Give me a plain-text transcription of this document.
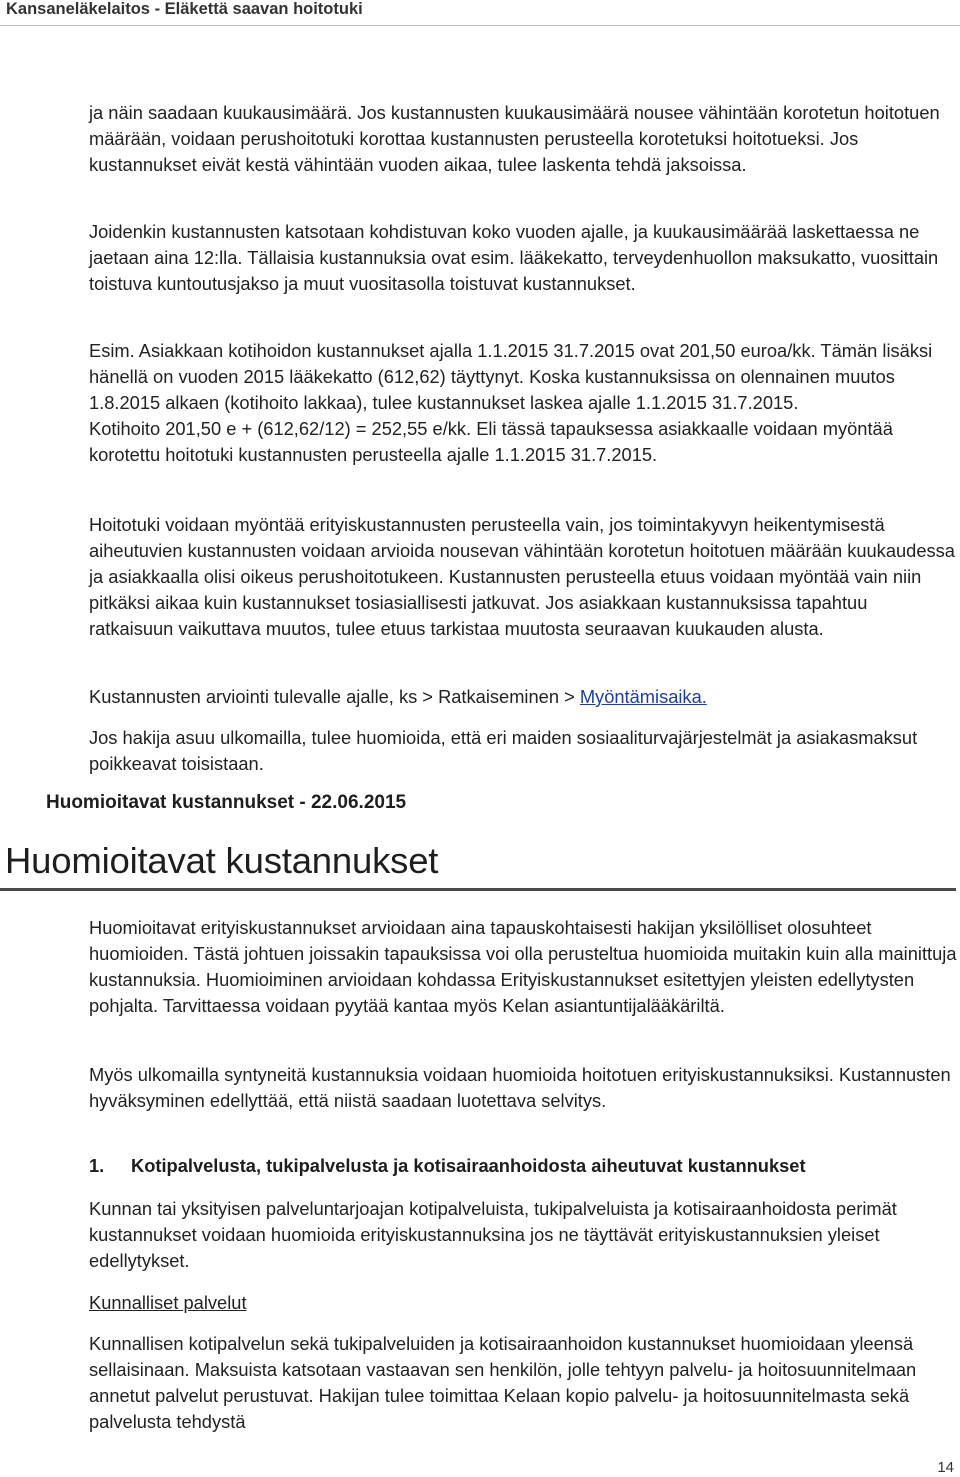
Kansaneläkelaitos - Eläkettä saavan hoitotuki

ja näin saadaan kuukausimäärä. Jos kustannusten kuukausimäärä nousee vähintään korotetun hoitotuen määrään, voidaan perushoitotuki korottaa kustannusten perusteella korotetuksi hoitotueksi. Jos kustannukset eivät kestä vähintään vuoden aikaa, tulee laskenta tehdä jaksoissa.

Joidenkin kustannusten katsotaan kohdistuvan koko vuoden ajalle, ja kuukausimäärää laskettaessa ne jaetaan aina 12:lla. Tällaisia kustannuksia ovat esim. lääkekatto, terveydenhuollon maksukatto, vuosittain toistuva kuntoutusjakso ja muut vuositasolla toistuvat kustannukset.

Esim. Asiakkaan kotihoidon kustannukset ajalla 1.1.2015 31.7.2015 ovat 201,50 euroa/kk. Tämän lisäksi hänellä on vuoden 2015 lääkekatto (612,62) täyttynyt. Koska kustannuksissa on olennainen muutos 1.8.2015 alkaen (kotihoito lakkaa), tulee kustannukset laskea ajalle 1.1.2015 31.7.2015.
Kotihoito 201,50 e + (612,62/12) = 252,55 e/kk. Eli tässä tapauksessa asiakkaalle voidaan myöntää korotettu hoitotuki kustannusten perusteella ajalle 1.1.2015 31.7.2015.

Hoitotuki voidaan myöntää erityiskustannusten perusteella vain, jos toimintakyvyn heikentymisestä aiheutuvien kustannusten voidaan arvioida nousevan vähintään korotetun hoitotuen määrään kuukaudessa ja asiakkaalla olisi oikeus perushoitotukeen. Kustannusten perusteella etuus voidaan myöntää vain niin pitkäksi aikaa kuin kustannukset tosiasiallisesti jatkuvat. Jos asiakkaan kustannuksissa tapahtuu ratkaisuun vaikuttava muutos, tulee etuus tarkistaa muutosta seuraavan kuukauden alusta.

Kustannusten arviointi tulevalle ajalle, ks > Ratkaiseminen > Myöntämisaika.

Jos hakija asuu ulkomailla, tulee huomioida, että eri maiden sosiaaliturvajärjestelmät ja asiakasmaksut poikkeavat toisistaan.

Huomioitavat kustannukset - 22.06.2015
Huomioitavat kustannukset

Huomioitavat erityiskustannukset arvioidaan aina tapauskohtaisesti hakijan yksilölliset olosuhteet huomioiden. Tästä johtuen joissakin tapauksissa voi olla perusteltua huomioida muitakin kuin alla mainittuja kustannuksia. Huomioiminen arvioidaan kohdassa Erityiskustannukset esitettyjen yleisten edellytysten pohjalta. Tarvittaessa voidaan pyytää kantaa myös Kelan asiantuntijalääkäriltä.

Myös ulkomailla syntyneitä kustannuksia voidaan huomioida hoitotuen erityiskustannuksiksi. Kustannusten hyväksyminen edellyttää, että niistä saadaan luotettava selvitys.

1. Kotipalvelusta, tukipalvelusta ja kotisairaanhoidosta aiheutuvat kustannukset

Kunnan tai yksityisen palveluntarjoajan kotipalveluista, tukipalveluista ja kotisairaanhoidosta perimät kustannukset voidaan huomioida erityiskustannuksina jos ne täyttävät erityiskustannuksien yleiset edellytykset.

Kunnalliset palvelut

Kunnallisen kotipalvelun sekä tukipalveluiden ja kotisairaanhoidon kustannukset huomioidaan yleensä sellaisinaan. Maksuista katsotaan vastaavan sen henkilön, jolle tehtyyn palvelu- ja hoitosuunnitelmaan annetut palvelut perustuvat. Hakijan tulee toimittaa Kelaan kopio palvelu- ja hoitosuunnitelmasta sekä palvelusta tehdystä

14
